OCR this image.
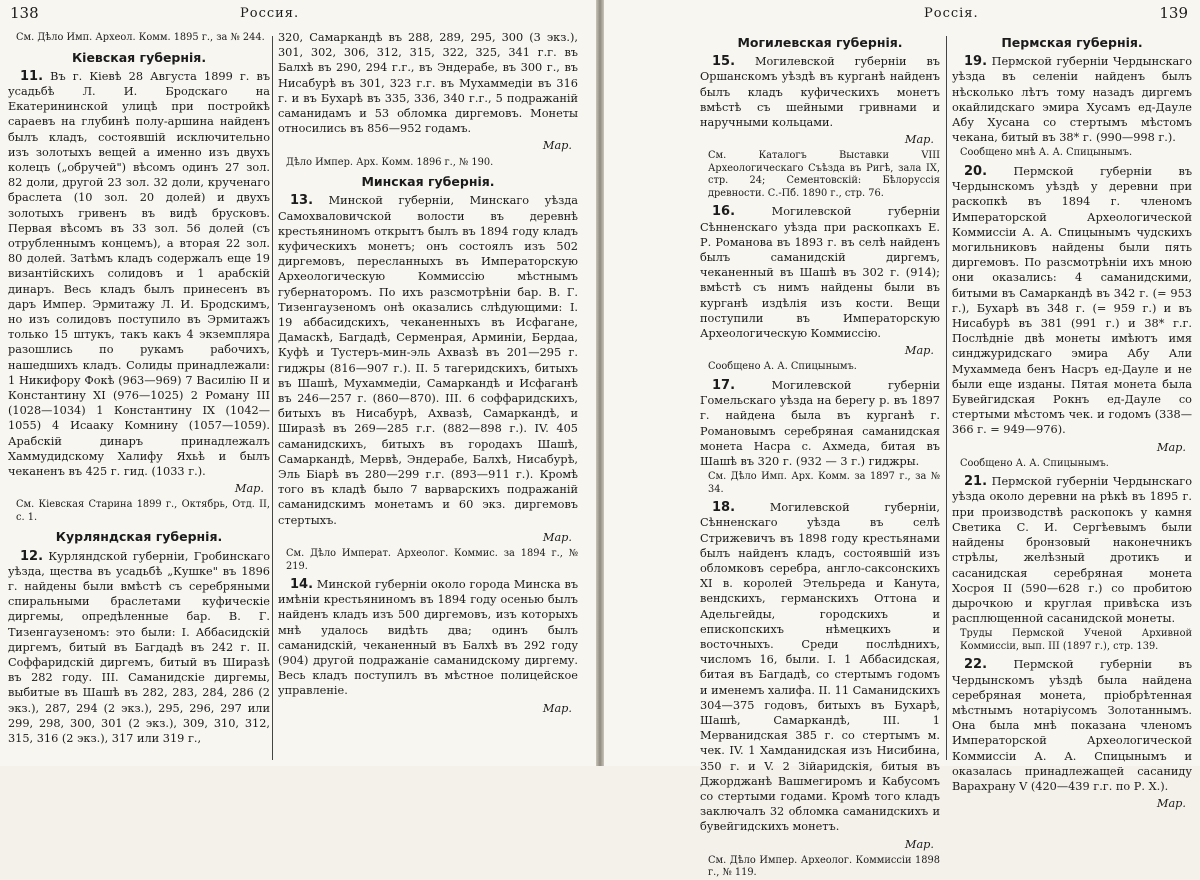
138	Россия.

См. Дѣло Имп. Археол. Комм. 1895 г., за № 244.

Кіевская губернія.

11. Въ г. Кіевѣ 28 Августа 1899 г. въ усадьбѣ Л. И. Бродскаго на Екатерининской улицѣ при постройкѣ сараевъ на глубинѣ полу-аршина найденъ былъ кладъ, состоявшій исключительно изъ золотыхъ вещей а именно изъ двухъ колецъ („обручей") вѣсомъ одинъ 27 зол. 82 доли, другой 23 зол. 32 доли, крученаго браслета (10 зол. 20 долей) и двухъ золотыхъ гривенъ въ видѣ брусковъ. Первая вѣсомъ въ 33 зол. 56 долей (съ отрубленнымъ концемъ), а вторая 22 зол. 80 долей. Затѣмъ кладъ содержалъ еще 19 византійскихъ солидовъ и 1 арабскій динаръ. Весь кладъ былъ принесенъ въ даръ Импер. Эрмитажу Л. И. Бродскимъ, но изъ солидовъ поступило въ Эрмитажъ только 15 штукъ, такъ какъ 4 экземпляра разошлись по рукамъ рабочихъ, нашедшихъ кладъ. Солиды принадлежали: 1 Никифору Фокѣ (963—969) 7 Василію II и Константину XI (976—1025) 2 Роману III (1028—1034) 1 Константину IX (1042—1055) 4 Исааку Комнину (1057—1059). Арабскій динаръ принадлежалъ Хаммудидскому Халифу Яхьѣ и былъ чеканенъ въ 425 г. гид. (1033 г.).

Мар.

См. Кіевская Старина 1899 г., Октябрь, Отд. II, с. 1.

Курляндская губернія.

12. Курляндской губерніи, Гробинскаго уѣзда, щества въ усадьбѣ „Кушке" въ 1896 г. найдены были вмѣстѣ съ серебряными спиральными браслетами куфическіе диргемы, опредѣленные бар. В. Г. Тизенгаузеномъ: это были: I. Аббасидскій диргемъ, битый въ Багдадѣ въ 242 г. II. Соффаридскій диргемъ, битый въ Ширазѣ въ 282 году. III. Саманидскіе диргемы, выбитые въ Шашѣ въ 282, 283, 284, 286 (2 экз.), 287, 294 (2 экз.), 295, 296, 297 или 299, 298, 300, 301 (2 экз.), 309, 310, 312, 315, 316 (2 экз.), 317 или 319 г.,

320, Самаркандѣ въ 288, 289, 295, 300 (3 экз.), 301, 302, 306, 312, 315, 322, 325, 341 г.г. въ Балхѣ въ 290, 294 г.г., въ Эндерабе, въ 300 г., въ Нисабурѣ въ 301, 323 г.г. въ Мухаммедіи въ 316 г. и въ Бухарѣ въ 335, 336, 340 г.г., 5 подражаній саманидамъ и 53 обломка диргемовъ. Монеты относились въ 856—952 годамъ.

Мар.

Дѣло Импер. Арх. Комм. 1896 г., № 190.

Минская губернія.

13. Минской губерніи, Минскаго уѣзда Самохваловичской волости въ деревнѣ крестьяниномъ открытъ былъ въ 1894 году кладъ куфическихъ монетъ; онъ состоялъ изъ 502 диргемовъ, пересланныхъ въ Императорскую Археологическую Коммиссію мѣстнымъ губернаторомъ. По ихъ разсмотрѣніи бар. В. Г. Тизенгаузеномъ онѣ оказались слѣдующими: I. 19 аббасидскихъ, чеканенныхъ въ Исфагане, Дамаскѣ, Багдадѣ, Серменрая, Арминіи, Бердаа, Куфѣ и Тустеръ-мин-эль Ахвазѣ въ 201—295 г. гиджры (816—907 г.). II. 5 тагеридскихъ, битыхъ въ Шашѣ, Мухаммедіи, Самаркандѣ и Исфаганѣ въ 246—257 г. (860—870). III. 6 соффаридскихъ, битыхъ въ Нисабурѣ, Ахвазѣ, Самаркандѣ, и Ширазѣ въ 269—285 г.г. (882—898 г.). IV. 405 саманидскихъ, битыхъ въ городахъ Шашѣ, Самаркандѣ, Мервѣ, Эндерабе, Балхѣ, Нисабурѣ, Эль Біарѣ въ 280—299 г.г. (893—911 г.). Кромѣ того въ кладѣ было 7 варварскихъ подражаній саманидскимъ монетамъ и 60 экз. диргемовъ стертыхъ.

Мар.

См. Дѣло Императ. Археолог. Коммис. за 1894 г., № 219.

14. Минской губерніи около города Минска въ имѣніи крестьяниномъ въ 1894 году осенью былъ найденъ кладъ изъ 500 диргемовъ, изъ которыхъ мнѣ удалось видѣть два; одинъ былъ саманидскій, чеканенный въ Балхѣ въ 292 году (904) другой подражаніе саманидскому диргему. Весь кладъ поступилъ въ мѣстное полицейское управленіе.

Мар.

139
Россія.

Могилевская губернія.

15. Могилевской губерніи въ Оршанскомъ уѣздѣ въ курганѣ найденъ былъ кладъ куфическихъ монетъ вмѣстѣ съ шейными гривнами и наручными кольцами.

Мар.

См. Каталогъ Выставки VIII Археологическаго Съѣзда въ Ригѣ, зала IX, стр. 24; Сементовскій: Бѣлоруссія древности. С.-Пб. 1890 г., стр. 76.

16.	Могилевской губерніи Сѣнненскаго уѣзда при раскопкахъ Е. Р. Романова въ 1893 г. въ селѣ найденъ былъ саманидскій диргемъ, чеканенный въ Шашѣ въ 302 г. (914); вмѣстѣ съ нимъ найдены были въ курганѣ издѣлія изъ кости. Вещи поступили въ Императорскую Археологическую Коммиссію.

Мар.

Сообщено А. А. Спицынымъ.

17.	Могилевской губерніи Гомельскаго уѣзда на берегу р. въ 1897 г. найдена была въ курганѣ г. Романовымъ серебряная саманидская монета Насра с. Ахмеда, битая въ Шашѣ въ 320 г. (932 — 3 г.) гиджры.

См. Дѣло Имп. Арх. Комм. за 1897 г., за № 34.

18.	Могилевской губерніи, Сѣнненскаго уѣзда въ селѣ Стрижевичъ въ 1898 году крестьянами былъ найденъ кладъ, состоявшій изъ обломковъ серебра, англо-саксонскихъ XI в. королей Этельреда и Канута, вендскихъ, германскихъ Оттона и Адельгейды, городскихъ и епископскихъ нѣмецкихъ и восточныхъ. Среди послѣднихъ, числомъ 16, были. I. 1 Аббасидская, битая въ Багдадѣ, со стертымъ годомъ и именемъ халифа. II. 11 Саманидскихъ 304—375 годовъ, битыхъ въ Бухарѣ, Шашѣ, Самаркандѣ, III. 1 Мерванидская 385 г. со стертымъ м. чек. IV. 1 Хамданидская изъ Нисибина, 350 г. и V. 2 Зійаридскія, битыя въ Джорджанѣ Вашмегиромъ и Кабусомъ со стертыми годами. Кромѣ того кладъ заключалъ 32 обломка саманидскихъ и бувейгидскихъ монетъ.

Мар.

См. Дѣло Импер. Археолог. Коммиссіи 1898 г., № 119.

Пермская губернія.

19. Пермской губерніи Чердынскаго уѣзда въ селеніи найденъ былъ нѣсколько лѣтъ тому назадъ диргемъ окайлидскаго эмира Хусамъ ед-Дауле Абу Хусана со стертымъ мѣстомъ чекана, битый въ 38* г. (990—998 г.).

Сообщено мнѣ А. А. Спицынымъ.

20. Пермской губерніи въ Чердынскомъ уѣздѣ у деревни при раскопкѣ въ 1894 г. членомъ Императорской Археологической Коммиссіи А. А. Спицынымъ чудскихъ могильниковъ найдены были пять диргемовъ. По разсмотрѣніи ихъ мною они оказались: 4 саманидскими, битыми въ Самаркандѣ въ 342 г. (= 953 г.), Бухарѣ въ 348 г. (= 959 г.) и въ Нисабурѣ въ 381 (991 г.) и 38* г.г. Послѣдніе двѣ монеты имѣютъ имя синджуридскаго эмира Абу Али Мухаммеда бенъ Насръ ед-Дауле и не были еще изданы. Пятая монета была Бувейгидская Рокнъ ед-Дауле со стертыми мѣстомъ чек. и годомъ (338—366 г. = 949—976).

Мар.

Сообщено А. А. Спицынымъ.

21. Пермской губерніи Чердынскаго уѣзда около деревни на рѣкѣ въ 1895 г. при производствѣ раскопокъ у камня Светика С. И. Сергѣевымъ были найдены бронзовый наконечникъ стрѣлы, желѣзный дротикъ и сасанидская серебряная монета Хосроя II (590—628 г.) со пробитою дырочкою и круглая привѣска изъ расплющенной сасанидской монеты.

Труды Пермской Ученой Архивной Коммиссіи, вып. III (1897 г.), стр. 139.

22. Пермской губерніи въ Чердынскомъ уѣздѣ была найдена серебряная монета, пріобрѣтенная мѣстнымъ нотаріусомъ Золотаннымъ. Она была мнѣ показана членомъ Императорской Археологической Коммиссіи А. А. Спицынымъ и оказалась принадлежащей сасаниду Варахрану V (420—439 г.г. по Р. Х.).

Мар.
